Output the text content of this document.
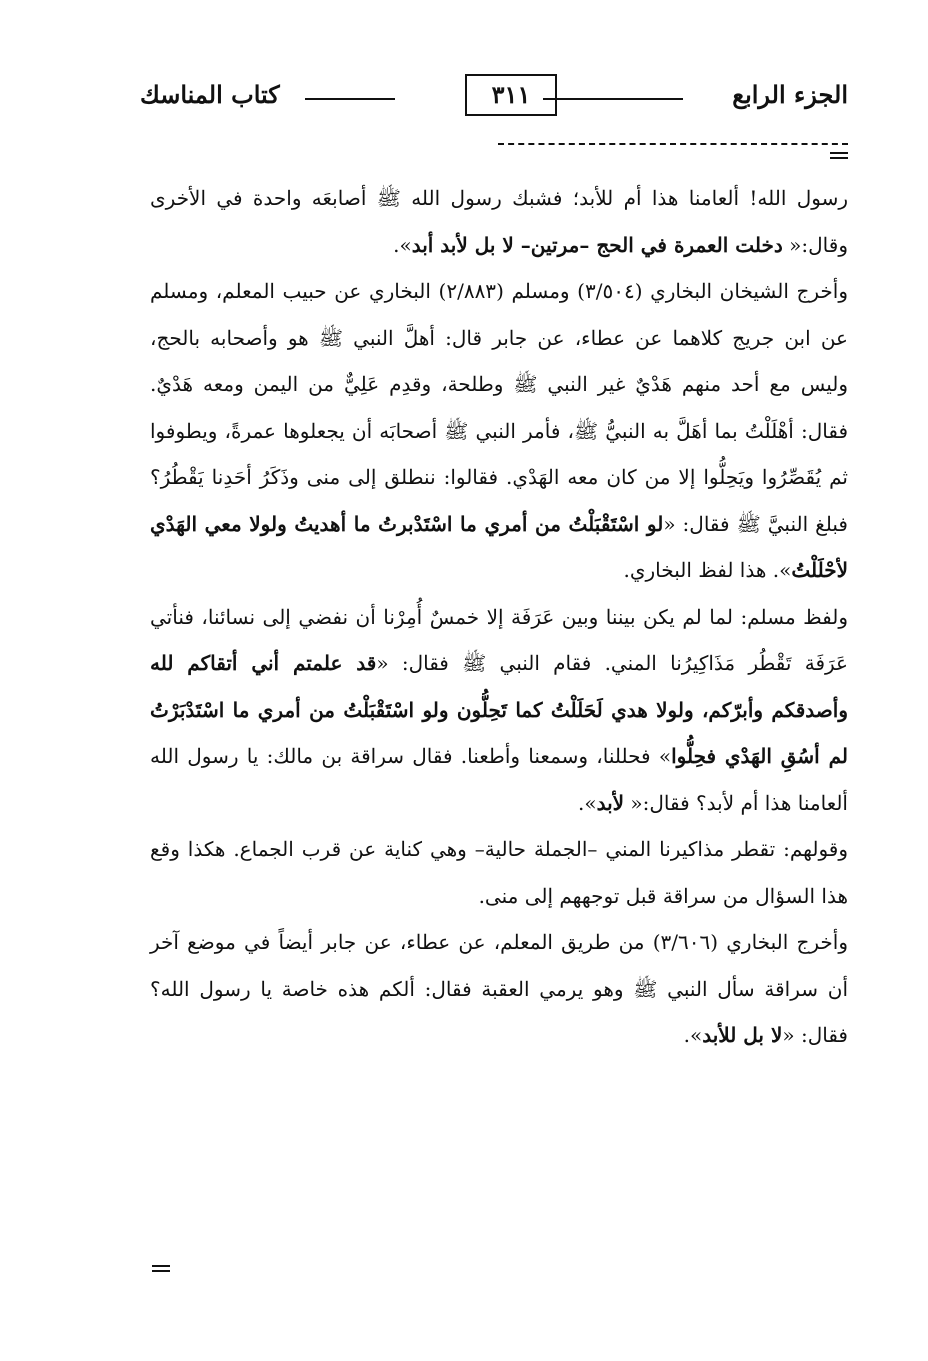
الجزء الرابع
٣١١
كتاب المناسك

رسول الله! ألعامنا هذا أم للأبد؛ فشبك رسول الله ﷺ أصابعَه واحدة في الأخرى وقال:« دخلت العمرة في الحج –مرتين– لا بل لأبد أبد».

وأخرج الشيخان البخاري (٣/٥٠٤) ومسلم (٢/٨٨٣) البخاري عن حبيب المعلم، ومسلم عن ابن جريج كلاهما عن عطاء، عن جابر قال: أهلَّ النبي ﷺ هو وأصحابه بالحج، وليس مع أحد منهم هَدْيٌ غير النبي ﷺ وطلحة، وقدِم عَلِيٌّ من اليمن ومعه هَدْيٌ. فقال: أهْلَلْتُ بما أهَلَّ به النبيُّ ﷺ، فأمر النبي ﷺ أصحابَه أن يجعلوها عمرةً، ويطوفوا ثم يُقَصِّرُوا ويَحِلُّوا إلا من كان معه الهَدْي. فقالوا: ننطلق إلى منى وذَكَرُ أحَدِنا يَقْطُرُ؟ فبلغ النبيَّ ﷺ فقال: «لو اسْتَقْبَلْتُ من أمري ما اسْتَدْبرتُ ما أهديتُ ولولا معي الهَدْي لأحْلَلْتُ». هذا لفظ البخاري.

ولفظ مسلم: لما لم يكن بيننا وبين عَرَفَة إلا خمسٌ أُمِرْنا أن نفضي إلى نسائنا، فنأتي عَرَفَة تَقْطُر مَذَاكِيرُنا المني. فقام النبي ﷺ فقال: «قد علمتم أني أتقاكم لله وأصدقكم وأبرّكم، ولولا هدي لَحَلَلْتُ كما تَحِلُّون ولو اسْتَقْبَلْتُ من أمري ما اسْتَدْبَرْتُ لم أسُقِ الهَدْي فحِلُّوا» فحللنا، وسمعنا وأطعنا. فقال سراقة بن مالك: يا رسول الله ألعامنا هذا أم لأبد؟ فقال:« لأبد».

وقولهم: تقطر مذاكيرنا المني –الجملة حالية– وهي كناية عن قرب الجماع. هكذا وقع هذا السؤال من سراقة قبل توجههم إلى منى.

وأخرج البخاري (٣/٦٠٦) من طريق المعلم، عن عطاء، عن جابر أيضاً في موضع آخر أن سراقة سأل النبي ﷺ وهو يرمي العقبة فقال: ألكم هذه خاصة يا رسول الله؟ فقال: «لا بل للأبد».
